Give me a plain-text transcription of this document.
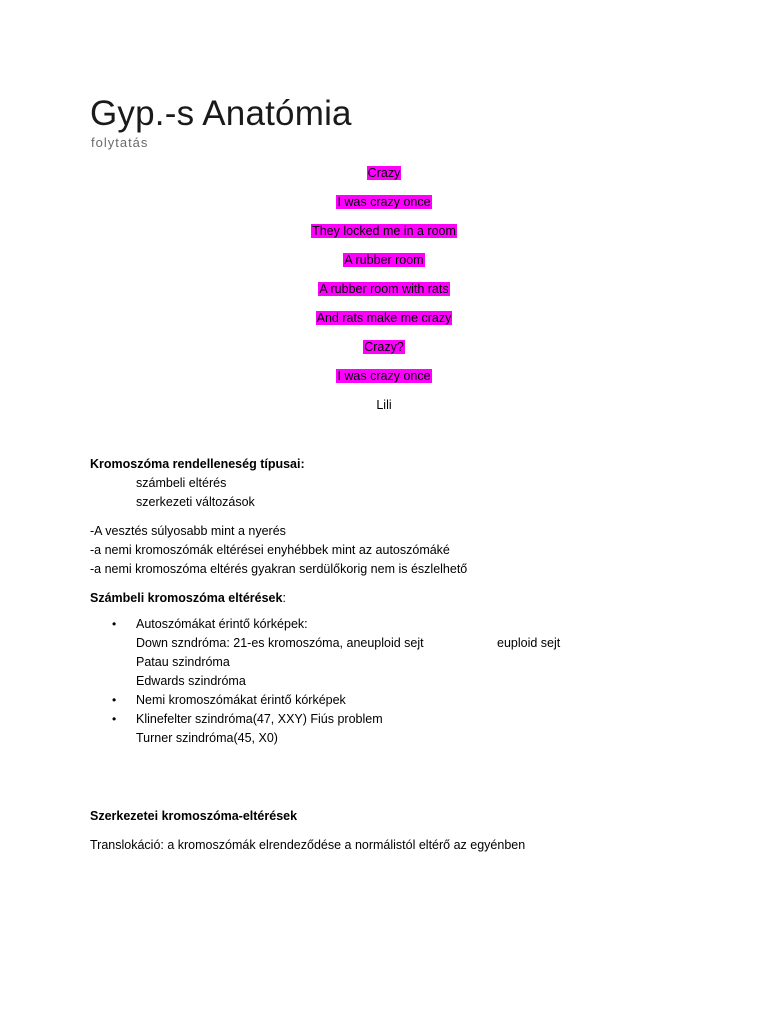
Gyp.-s Anatómia
folytatás
Crazy
I was crazy once
They locked me in a room
A rubber room
A rubber room with rats
And rats make me crazy
Crazy?
I was crazy once
Lili
Kromoszóma rendelleneség típusai:
számbeli eltérés
szerkezeti változások
-A vesztés súlyosabb mint a nyerés
-a nemi kromoszómák eltérései enyhébbek mint az autoszómáké
-a nemi kromoszóma eltérés gyakran serdülőkorig nem is észlelhető
Számbeli kromoszóma eltérések:
• Autoszómákat érintő kórképek:
Down szndróma: 21-es kromoszóma, aneuploid sejt	euploid sejt
Patau szindróma
Edwards szindróma
• Nemi kromoszómákat érintő kórképek
• Klinefelter szindróma(47, XXY) Fiús problem
Turner szindróma(45, X0)
Szerkezetei kromoszóma-eltérések
Translokáció: a kromoszómák elrendeződése a normálistól eltérő az egyénben
